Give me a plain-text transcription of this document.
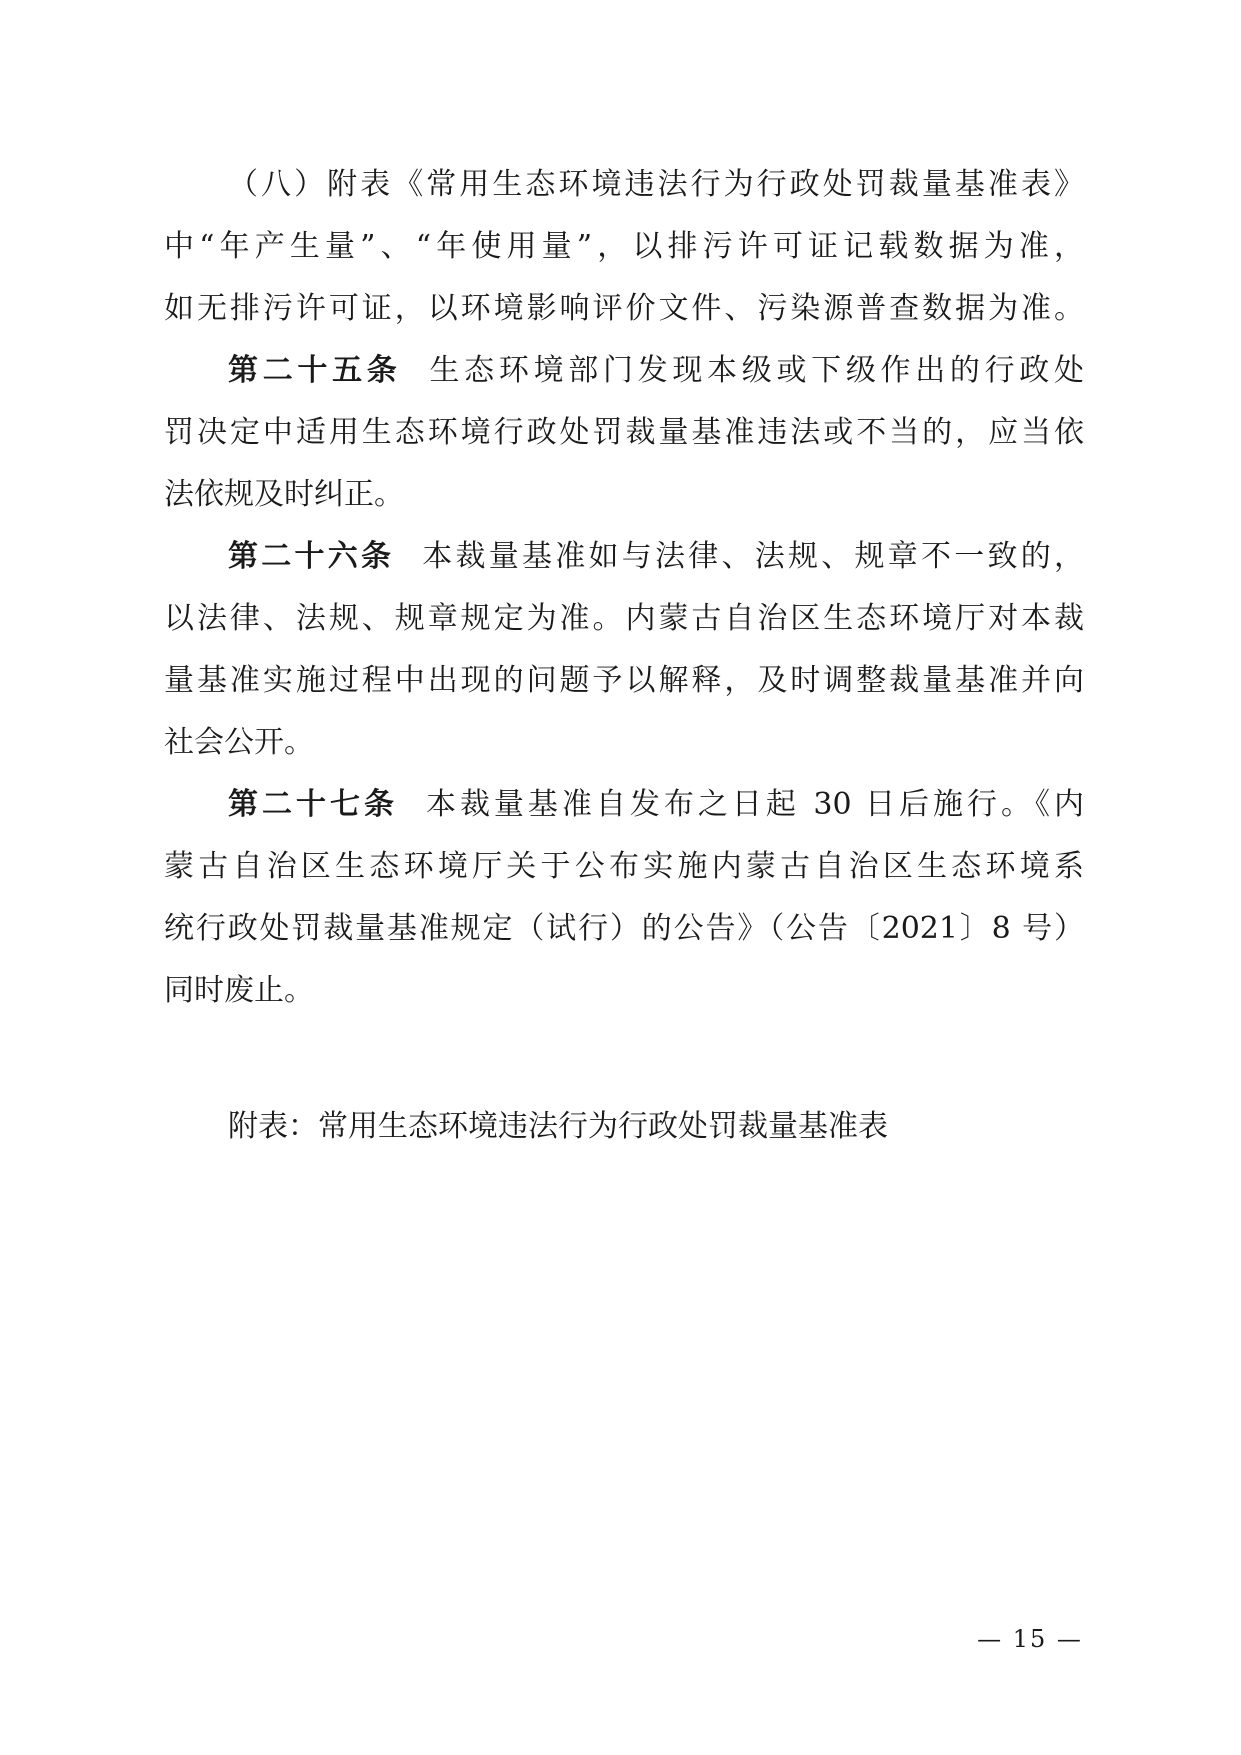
（八）附表《常用生态环境违法行为行政处罚裁量基准表》
中“年产生量”、“年使用量”，以排污许可证记载数据为准，
如无排污许可证，以环境影响评价文件、污染源普查数据为准。
第二十五条 生态环境部门发现本级或下级作出的行政处
罚决定中适用生态环境行政处罚裁量基准违法或不当的，应当依
法依规及时纠正。
第二十六条 本裁量基准如与法律、法规、规章不一致的，
以法律、法规、规章规定为准。内蒙古自治区生态环境厅对本裁
量基准实施过程中出现的问题予以解释，及时调整裁量基准并向
社会公开。
第二十七条 本裁量基准自发布之日起 30 日后施行。《内
蒙古自治区生态环境厅关于公布实施内蒙古自治区生态环境系
统行政处罚裁量基准规定（试行）的公告》（公告〔2021〕8 号）
同时废止。
附表：常用生态环境违法行为行政处罚裁量基准表
— 15 —
